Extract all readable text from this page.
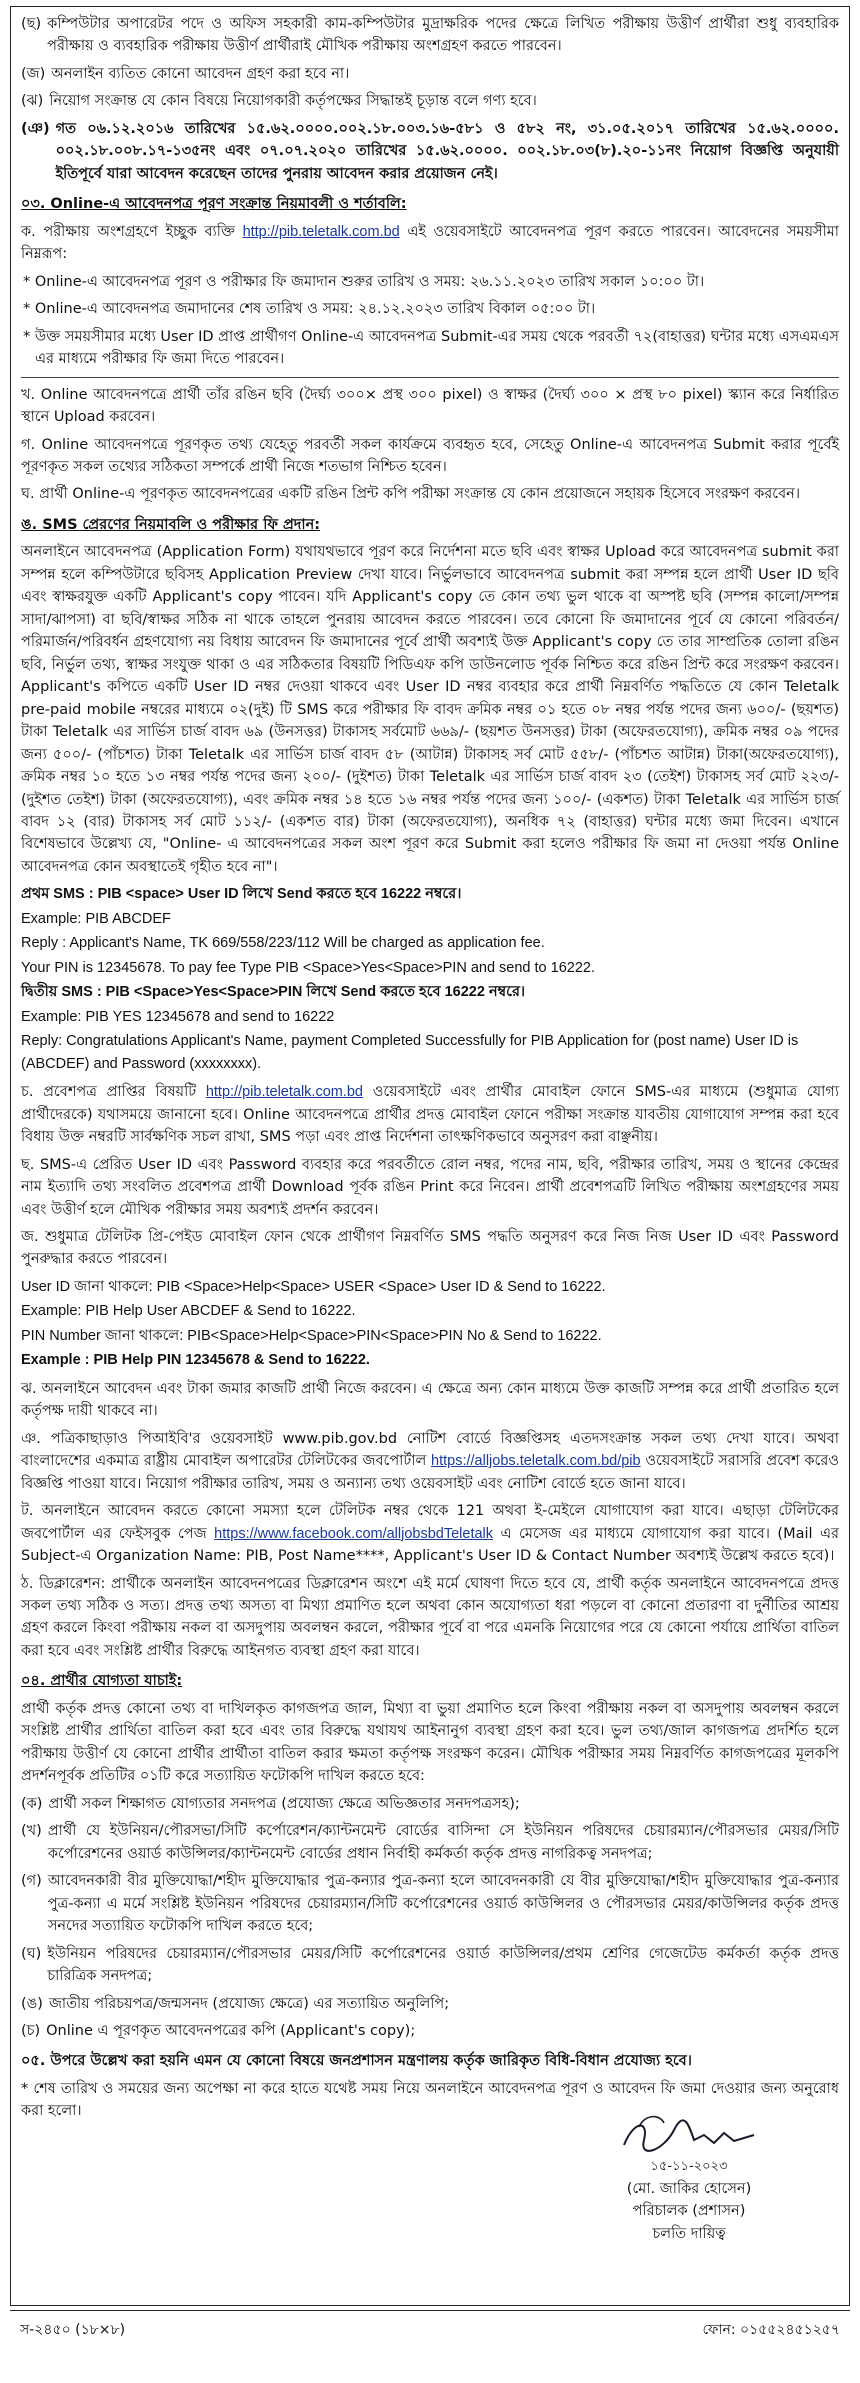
(ছ) কম্পিউটার অপারেটর পদে ও অফিস সহকারী কাম-কম্পিউটার মুদ্রাক্ষরিক পদের ক্ষেত্রে লিখিত পরীক্ষায় উত্তীর্ণ প্রার্থীরা শুধু ব্যবহারিক পরীক্ষায় ও ব্যবহারিক পরীক্ষায় উত্তীর্ণ প্রার্থীরাই মৌখিক পরীক্ষায় অংশগ্রহণ করতে পারবেন।
(জ) অনলাইন ব্যতিত কোনো আবেদন গ্রহণ করা হবে না।
(ঝ) নিয়োগ সংক্রান্ত যে কোন বিষয়ে নিয়োগকারী কর্তৃপক্ষের সিদ্ধান্তই চূড়ান্ত বলে গণ্য হবে।
(ঞ) গত ০৬.১২.২০১৬ তারিখের ১৫.৬২.০০০০.০০২.১৮.০০৩.১৬-৫৮১ ও ৫৮২ নং, ৩১.০৫.২০১৭ তারিখের ১৫.৬২.০০০০. ০০২.১৮.০০৮.১৭-১৩৫নং এবং ০৭.০৭.২০২০ তারিখের ১৫.৬২.০০০০. ০০২.১৮.০৩(৮).২০-১১নং নিয়োগ বিজ্ঞপ্তি অনুযায়ী ইতিপূর্বে যারা আবেদন করেছেন তাদের পুনরায় আবেদন করার প্রয়োজন নেই।
০৩. Online-এ আবেদনপত্র পূরণ সংক্রান্ত নিয়মাবলী ও শর্তাবলি:
ক. পরীক্ষায় অংশগ্রহণে ইচ্ছুক ব্যক্তি http://pib.teletalk.com.bd এই ওয়েবসাইটে আবেদনপত্র পূরণ করতে পারবেন। আবেদনের সময়সীমা নিম্নরূপ:
* Online-এ আবেদনপত্র পূরণ ও পরীক্ষার ফি জমাদান শুরুর তারিখ ও সময়: ২৬.১১.২০২৩ তারিখ সকাল ১০:০০ টা।
* Online-এ আবেদনপত্র জমাদানের শেষ তারিখ ও সময়: ২৪.১২.২০২৩ তারিখ বিকাল ০৫:০০ টা।
* উক্ত সময়সীমার মধ্যে User ID প্রাপ্ত প্রার্থীগণ Online-এ আবেদনপত্র Submit-এর সময় থেকে পরবর্তী ৭২(বাহাত্তর) ঘন্টার মধ্যে এসএমএস এর মাধ্যমে পরীক্ষার ফি জমা দিতে পারবেন।
খ. Online আবেদনপত্রে প্রার্থী তাঁর রঙিন ছবি (দৈর্ঘ্য ৩০০× প্রস্থ ৩০০ pixel) ও স্বাক্ষর (দৈর্ঘ্য ৩০০ × প্রস্থ ৮০ pixel) স্ক্যান করে নির্ধারিত স্থানে Upload করবেন।
গ. Online আবেদনপত্রে পূরণকৃত তথ্য যেহেতু পরবর্তী সকল কার্যক্রমে ব্যবহৃত হবে, সেহেতু Online-এ আবেদনপত্র Submit করার পূর্বেই পূরণকৃত সকল তথ্যের সঠিকতা সম্পর্কে প্রার্থী নিজে শতভাগ নিশ্চিত হবেন।
ঘ. প্রার্থী Online-এ পূরণকৃত আবেদনপত্রের একটি রঙিন প্রিন্ট কপি পরীক্ষা সংক্রান্ত যে কোন প্রয়োজনে সহায়ক হিসেবে সংরক্ষণ করবেন।
ঙ. SMS প্রেরণের নিয়মাবলি ও পরীক্ষার ফি প্রদান:
অনলাইনে আবেদনপত্র (Application Form) যথাযথভাবে পূরণ করে নির্দেশনা মতে ছবি এবং স্বাক্ষর Upload করে আবেদনপত্র submit করা সম্পন্ন হলে কম্পিউটারে ছবিসহ Application Preview দেখা যাবে। নির্ভুলভাবে আবেদনপত্র submit করা সম্পন্ন হলে প্রার্থী User ID ছবি এবং স্বাক্ষরযুক্ত একটি Applicant's copy পাবেন। যদি Applicant's copy তে কোন তথ্য ভুল থাকে বা অস্পষ্ট ছবি (সম্পন্ন কালো/সম্পন্ন সাদা/ঝাপসা) বা ছবি/স্বাক্ষর সঠিক না থাকে তাহলে পুনরায় আবেদন করতে পারবেন। তবে কোনো ফি জমাদানের পূর্বে যে কোনো পরিবর্তন/পরিমার্জন/পরিবর্ধন গ্রহণযোগ্য নয় বিধায় আবেদন ফি জমাদানের পূর্বে প্রার্থী অবশ্যই উক্ত Applicant's copy তে তার সাম্প্রতিক তোলা রঙিন ছবি, নির্ভুল তথ্য, স্বাক্ষর সংযুক্ত থাকা ও এর সঠিকতার বিষয়টি পিডিএফ কপি ডাউনলোড পূর্বক নিশ্চিত করে রঙিন প্রিন্ট করে সংরক্ষণ করবেন। Applicant's কপিতে একটি User ID নম্বর দেওয়া থাকবে এবং User ID নম্বর ব্যবহার করে প্রার্থী নিম্নবর্ণিত পদ্ধতিতে যে কোন Teletalk pre-paid mobile নম্বরের মাধ্যমে ০২(দুই) টি SMS করে পরীক্ষার ফি বাবদ ক্রমিক নম্বর ০১ হতে ০৮ নম্বর পর্যন্ত পদের জন্য ৬০০/- (ছয়শত) টাকা Teletalk এর সার্ভিস চার্জ বাবদ ৬৯ (উনসত্তর) টাকাসহ সর্বমোট ৬৬৯/- (ছয়শত উনসত্তর) টাকা (অফেরতযোগ্য), ক্রমিক নম্বর ০৯ পদের জন্য ৫০০/- (পাঁচশত) টাকা Teletalk এর সার্ভিস চার্জ বাবদ ৫৮ (আটান্ন) টাকাসহ সর্ব মোট ৫৫৮/- (পাঁচশত আটান্ন) টাকা(অফেরতযোগ্য), ক্রমিক নম্বর ১০ হতে ১৩ নম্বর পর্যন্ত পদের জন্য ২০০/- (দুইশত) টাকা Teletalk এর সার্ভিস চার্জ বাবদ ২৩ (তেইশ) টাকাসহ সর্ব মোট ২২৩/- (দুইশত তেইশ) টাকা (অফেরতযোগ্য), এবং ক্রমিক নম্বর ১৪ হতে ১৬ নম্বর পর্যন্ত পদের জন্য ১০০/- (একশত) টাকা Teletalk এর সার্ভিস চার্জ বাবদ ১২ (বার) টাকাসহ সর্ব মোট ১১২/- (একশত বার) টাকা (অফেরতযোগ্য), অনধিক ৭২ (বাহাত্তর) ঘন্টার মধ্যে জমা দিবেন। এখানে বিশেষভাবে উল্লেখ্য যে, "Online- এ আবেদনপত্রের সকল অংশ পূরণ করে Submit করা হলেও পরীক্ষার ফি জমা না দেওয়া পর্যন্ত Online আবেদনপত্র কোন অবস্থাতেই গৃহীত হবে না"।
প্রথম SMS : PIB <space> User ID লিখে Send করতে হবে 16222 নম্বরে।
Example: PIB ABCDEF
Reply : Applicant's Name, TK 669/558/223/112 Will be charged as application fee.
Your PIN is 12345678. To pay fee Type PIB <Space>Yes<Space>PIN and send to 16222.
দ্বিতীয় SMS : PIB <Space>Yes<Space>PIN লিখে Send করতে হবে 16222 নম্বরে।
Example: PIB YES 12345678 and send to 16222
Reply: Congratulations Applicant's Name, payment Completed Successfully for PIB Application for (post name) User ID is (ABCDEF) and Password (xxxxxxxx).
চ. প্রবেশপত্র প্রাপ্তির বিষয়টি http://pib.teletalk.com.bd ওয়েবসাইটে এবং প্রার্থীর মোবাইল ফোনে SMS-এর মাধ্যমে (শুধুমাত্র যোগ্য প্রার্থীদেরকে) যথাসময়ে জানানো হবে। Online আবেদনপত্রে প্রার্থীর প্রদত্ত মোবাইল ফোনে পরীক্ষা সংক্রান্ত যাবতীয় যোগাযোগ সম্পন্ন করা হবে বিধায় উক্ত নম্বরটি সার্বক্ষণিক সচল রাখা, SMS পড়া এবং প্রাপ্ত নির্দেশনা তাৎক্ষণিকভাবে অনুসরণ করা বাঞ্ছনীয়।
ছ. SMS-এ প্রেরিত User ID এবং Password ব্যবহার করে পরবর্তীতে রোল নম্বর, পদের নাম, ছবি, পরীক্ষার তারিখ, সময় ও স্থানের কেন্দ্রের নাম ইত্যাদি তথ্য সংবলিত প্রবেশপত্র প্রার্থী Download পূর্বক রঙিন Print করে নিবেন। প্রার্থী প্রবেশপত্রটি লিখিত পরীক্ষায় অংশগ্রহণের সময় এবং উত্তীর্ণ হলে মৌখিক পরীক্ষার সময় অবশ্যই প্রদর্শন করবেন।
জ. শুধুমাত্র টেলিটক প্রি-পেইড মোবাইল ফোন থেকে প্রার্থীগণ নিম্নবর্ণিত SMS পদ্ধতি অনুসরণ করে নিজ নিজ User ID এবং Password পুনরুদ্ধার করতে পারবেন।
User ID জানা থাকলে: PIB <Space>Help<Space> USER <Space> User ID & Send to 16222.
Example: PIB Help User ABCDEF & Send to 16222.
PIN Number জানা থাকলে: PIB<Space>Help<Space>PIN<Space>PIN No & Send to 16222.
Example : PIB Help PIN 12345678 & Send to 16222.
ঝ. অনলাইনে আবেদন এবং টাকা জমার কাজটি প্রার্থী নিজে করবেন। এ ক্ষেত্রে অন্য কোন মাধ্যমে উক্ত কাজটি সম্পন্ন করে প্রার্থী প্রতারিত হলে কর্তৃপক্ষ দায়ী থাকবে না।
ঞ. পত্রিকাছাড়াও পিআইবি'র ওয়েবসাইট www.pib.gov.bd নোটিশ বোর্ডে বিজ্ঞপ্তিসহ এতদসংক্রান্ত সকল তথ্য দেখা যাবে। অথবা বাংলাদেশের একমাত্র রাষ্ট্রীয় মোবাইল অপারেটর টেলিটকের জবপোর্টাল https://alljobs.teletalk.com.bd/pib ওয়েবসাইটে সরাসরি প্রবেশ করেও বিজ্ঞপ্তি পাওয়া যাবে। নিয়োগ পরীক্ষার তারিখ, সময় ও অন্যান্য তথ্য ওয়েবসাইট এবং নোটিশ বোর্ডে হতে জানা যাবে।
ট. অনলাইনে আবেদন করতে কোনো সমস্যা হলে টেলিটক নম্বর থেকে 121 অথবা ই-মেইলে যোগাযোগ করা যাবে। এছাড়া টেলিটকের জবপোর্টাল এর ফেইসবুক পেজ https://www.facebook.com/alljobsbdTeletalk এ মেসেজ এর মাধ্যমে যোগাযোগ করা যাবে। (Mail এর Subject-এ Organization Name: PIB, Post Name****, Applicant's User ID & Contact Number অবশ্যই উল্লেখ করতে হবে)।
ঠ. ডিক্লারেশন: প্রার্থীকে অনলাইন আবেদনপত্রের ডিক্লারেশন অংশে এই মর্মে ঘোষণা দিতে হবে যে, প্রার্থী কর্তৃক অনলাইনে আবেদনপত্রে প্রদত্ত সকল তথ্য সঠিক ও সত্য। প্রদত্ত তথ্য অসত্য বা মিথ্যা প্রমাণিত হলে অথবা কোন অযোগ্যতা ধরা পড়লে বা কোনো প্রতারণা বা দুর্নীতির আশ্রয় গ্রহণ করলে কিংবা পরীক্ষায় নকল বা অসদুপায় অবলম্বন করলে, পরীক্ষার পূর্বে বা পরে এমনকি নিয়োগের পরে যে কোনো পর্যায়ে প্রার্থিতা বাতিল করা হবে এবং সংশ্লিষ্ট প্রার্থীর বিরুদ্ধে আইনগত ব্যবস্থা গ্রহণ করা যাবে।
০৪. প্রার্থীর যোগ্যতা যাচাই:
প্রার্থী কর্তৃক প্রদত্ত কোনো তথ্য বা দাখিলকৃত কাগজপত্র জাল, মিথ্যা বা ভুয়া প্রমাণিত হলে কিংবা পরীক্ষায় নকল বা অসদুপায় অবলম্বন করলে সংশ্লিষ্ট প্রার্থীর প্রার্থিতা বাতিল করা হবে এবং তার বিরুদ্ধে যথাযথ আইনানুগ ব্যবস্থা গ্রহণ করা হবে। ভুল তথ্য/জাল কাগজপত্র প্রদর্শিত হলে পরীক্ষায় উত্তীর্ণ যে কোনো প্রার্থীর প্রার্থীতা বাতিল করার ক্ষমতা কর্তৃপক্ষ সংরক্ষণ করেন। মৌখিক পরীক্ষার সময় নিম্নবর্ণিত কাগজপত্রের মূলকপি প্রদর্শনপূর্বক প্রতিটির ০১টি করে সত্যায়িত ফটোকপি দাখিল করতে হবে:
(ক) প্রার্থী সকল শিক্ষাগত যোগ্যতার সনদপত্র (প্রযোজ্য ক্ষেত্রে অভিজ্ঞতার সনদপত্রসহ);
(খ) প্রার্থী যে ইউনিয়ন/পৌরসভা/সিটি কর্পোরেশন/ক্যান্টনমেন্ট বোর্ডের বাসিন্দা সে ইউনিয়ন পরিষদের চেয়ারম্যান/পৌরসভার মেয়র/সিটি কর্পোরেশনের ওয়ার্ড কাউন্সিলর/ক্যান্টনমেন্ট বোর্ডের প্রধান নির্বাহী কর্মকর্তা কর্তৃক প্রদত্ত নাগরিকত্ব সনদপত্র;
(গ) আবেদনকারী বীর মুক্তিযোদ্ধা/শহীদ মুক্তিযোদ্ধার পুত্র-কন্যার পুত্র-কন্যা হলে আবেদনকারী যে বীর মুক্তিযোদ্ধা/শহীদ মুক্তিযোদ্ধার পুত্র-কন্যার পুত্র-কন্যা এ মর্মে সংশ্লিষ্ট ইউনিয়ন পরিষদের চেয়ারম্যান/সিটি কর্পোরেশনের ওয়ার্ড কাউন্সিলর ও পৌরসভার মেয়র/কাউন্সিলর কর্তৃক প্রদত্ত সনদের সত্যায়িত ফটোকপি দাখিল করতে হবে;
(ঘ) ইউনিয়ন পরিষদের চেয়ারম্যান/পৌরসভার মেয়র/সিটি কর্পোরেশনের ওয়ার্ড কাউন্সিলর/প্রথম শ্রেণির গেজেটেড কর্মকর্তা কর্তৃক প্রদত্ত চারিত্রিক সনদপত্র;
(ঙ) জাতীয় পরিচয়পত্র/জন্মসনদ (প্রযোজ্য ক্ষেত্রে) এর সত্যায়িত অনুলিপি;
(চ) Online এ পূরণকৃত আবেদনপত্রের কপি (Applicant's copy);
০৫. উপরে উল্লেখ করা হয়নি এমন যে কোনো বিষয়ে জনপ্রশাসন মন্ত্রণালয় কর্তৃক জারিকৃত বিধি-বিধান প্রযোজ্য হবে।
* শেষ তারিখ ও সময়ের জন্য অপেক্ষা না করে হাতে যথেষ্ট সময় নিয়ে অনলাইনে আবেদনপত্র পূরণ ও আবেদন ফি জমা দেওয়ার জন্য অনুরোধ করা হলো।
১৫-১১-২০২৩
(মো. জাকির হোসেন)
পরিচালক (প্রশাসন)
চলতি দায়িত্ব
স-২৪৫০ (১৮×৮)	ফোন: ০১৫৫২৪৫১২৫৭
